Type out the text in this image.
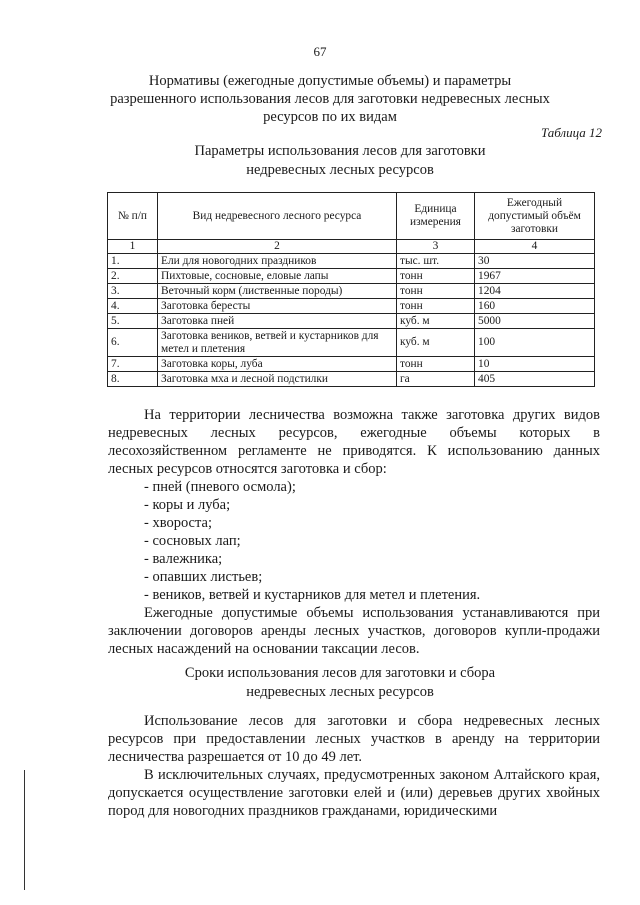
67
Нормативы (ежегодные допустимые объемы) и параметры
разрешенного использования лесов для заготовки недревесных лесных
ресурсов по их видам
Таблица 12
Параметры использования лесов для заготовки
недревесных лесных ресурсов
№ п/п	Вид недревесного лесного ресурса	Единица измерения	Ежегодный допустимый объём заготовки
1	2	3	4
1.	Ели для новогодних праздников	тыс. шт.	30
2.	Пихтовые, сосновые, еловые лапы	тонн	1967
3.	Веточный корм (лиственные породы)	тонн	1204
4.	Заготовка бересты	тонн	160
5.	Заготовка пней	куб. м	5000
6.	Заготовка веников, ветвей и кустарников для метел и плетения	куб. м	100
7.	Заготовка коры, луба	тонн	10
8.	Заготовка мха и лесной подстилки	га	405

На территории лесничества возможна также заготовка других видов недревесных лесных ресурсов, ежегодные объемы которых в лесохозяйственном регламенте не приводятся. К использованию данных лесных ресурсов относятся заготовка и сбор:

- пней (пневого осмола);
- коры и луба;
- хвороста;
- сосновых лап;
- валежника;
- опавших листьев;
- веников, ветвей и кустарников для метел и плетения.

Ежегодные допустимые объемы использования устанавливаются при заключении договоров аренды лесных участков, договоров купли-продажи лесных насаждений на основании таксации лесов.

Сроки использования лесов для заготовки и сбора
недревесных лесных ресурсов

Использование лесов для заготовки и сбора недревесных лесных ресурсов при предоставлении лесных участков в аренду на территории лесничества разрешается от 10 до 49 лет.

В исключительных случаях, предусмотренных законом Алтайского края, допускается осуществление заготовки елей и (или) деревьев других хвойных пород для новогодних праздников гражданами, юридическими
